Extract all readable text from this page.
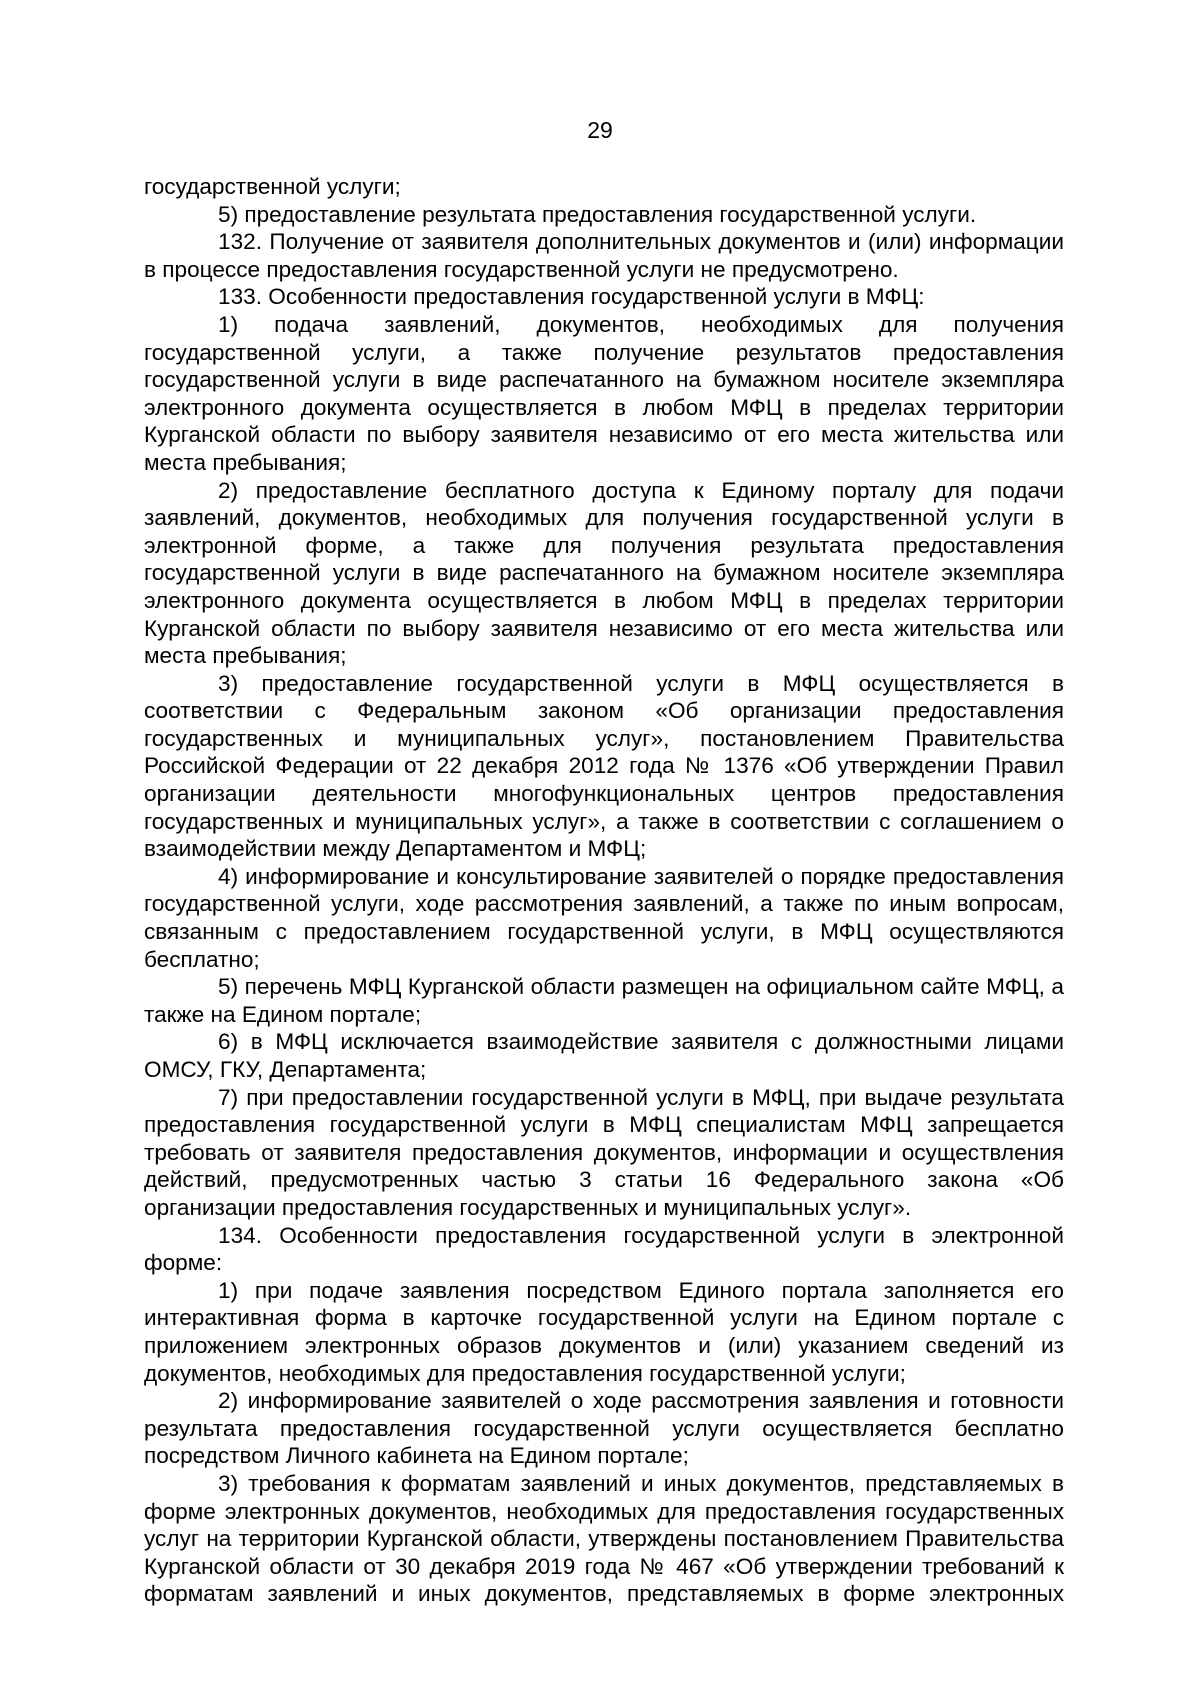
29

государственной услуги;

5) предоставление результата предоставления государственной услуги.

132. Получение от заявителя дополнительных документов и (или) информации в процессе предоставления государственной услуги не предусмотрено.

133. Особенности предоставления государственной услуги в МФЦ:

1) подача заявлений, документов, необходимых для получения государственной услуги, а также получение результатов предоставления государственной услуги в виде распечатанного на бумажном носителе экземпляра электронного документа осуществляется в любом МФЦ в пределах территории Курганской области по выбору заявителя независимо от его места жительства или места пребывания;

2) предоставление бесплатного доступа к Единому порталу для подачи заявлений, документов, необходимых для получения государственной услуги в электронной форме, а также для получения результата предоставления государственной услуги в виде распечатанного на бумажном носителе экземпляра электронного документа осуществляется в любом МФЦ в пределах территории Курганской области по выбору заявителя независимо от его места жительства или места пребывания;

3) предоставление государственной услуги в МФЦ осуществляется в соответствии с Федеральным законом «Об организации предоставления государственных и муниципальных услуг», постановлением Правительства Российской Федерации от 22 декабря 2012 года № 1376 «Об утверждении Правил организации деятельности многофункциональных центров предоставления государственных и муниципальных услуг», а также в соответствии с соглашением о взаимодействии между Департаментом и МФЦ;

4) информирование и консультирование заявителей о порядке предоставления государственной услуги, ходе рассмотрения заявлений, а также по иным вопросам, связанным с предоставлением государственной услуги, в МФЦ осуществляются бесплатно;

5) перечень МФЦ Курганской области размещен на официальном сайте МФЦ, а также на Едином портале;

6) в МФЦ исключается взаимодействие заявителя с должностными лицами ОМСУ, ГКУ, Департамента;

7) при предоставлении государственной услуги в МФЦ, при выдаче результата предоставления государственной услуги в МФЦ специалистам МФЦ запрещается требовать от заявителя предоставления документов, информации и осуществления действий, предусмотренных частью 3 статьи 16 Федерального закона «Об организации предоставления государственных и муниципальных услуг».

134. Особенности предоставления государственной услуги в электронной форме:

1) при подаче заявления посредством Единого портала заполняется его интерактивная форма в карточке государственной услуги на Едином портале с приложением электронных образов документов и (или) указанием сведений из документов, необходимых для предоставления государственной услуги;

2) информирование заявителей о ходе рассмотрения заявления и готовности результата предоставления государственной услуги осуществляется бесплатно посредством Личного кабинета на Едином портале;

3) требования к форматам заявлений и иных документов, представляемых в форме электронных документов, необходимых для предоставления государственных услуг на территории Курганской области, утверждены постановлением Правительства Курганской области от 30 декабря 2019 года № 467 «Об утверждении требований к форматам заявлений и иных документов, представляемых в форме электронных
